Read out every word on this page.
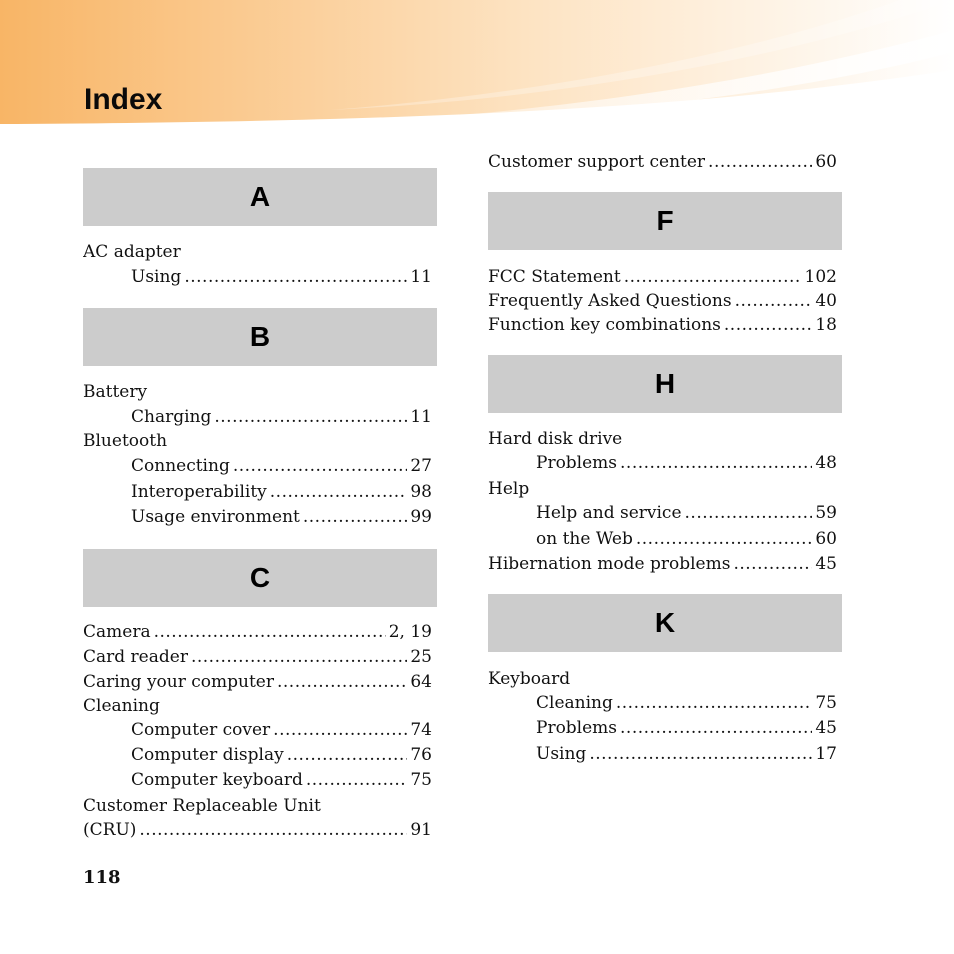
Index
A
AC adapter
Using .....	11
B
Battery
Charging .....	11
Bluetooth
Connecting .....	27
Interoperability .....	98
Usage environment .....	99
C
Camera .....	2, 19
Card reader .....	25
Caring your computer .....	64
Cleaning
Computer cover .....	74
Computer display .....	76
Computer keyboard .....	75
Customer Replaceable Unit
(CRU) .....	91
Customer support center .....	60
F
FCC Statement .....	102
Frequently Asked Questions .....	40
Function key combinations .....	18
H
Hard disk drive
Problems .....	48
Help
Help and service .....	59
on the Web .....	60
Hibernation mode problems .....	45
K
Keyboard
Cleaning .....	75
Problems .....	45
Using .....	17
118
